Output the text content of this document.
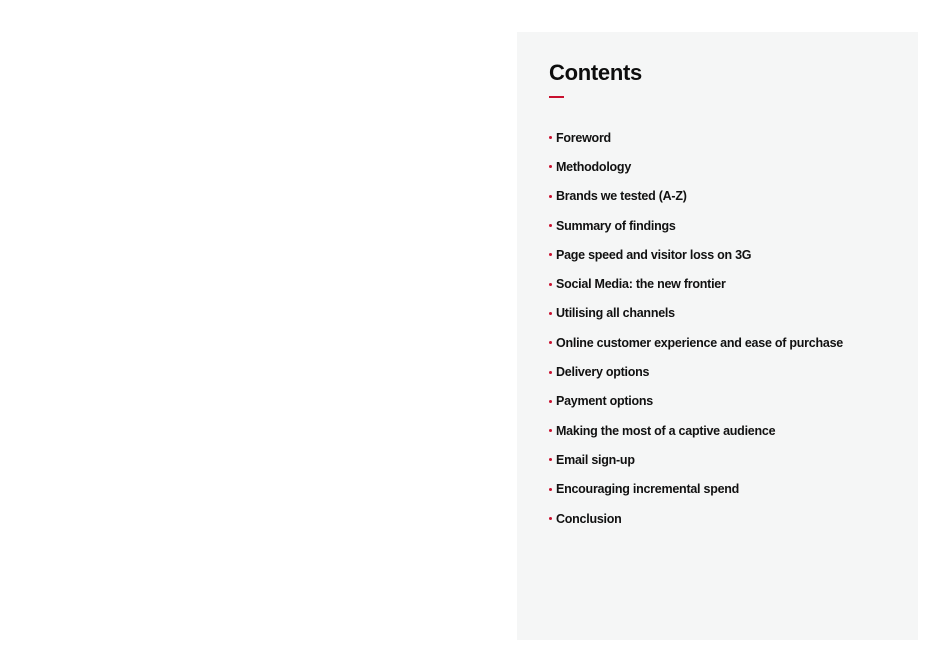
Contents
Foreword
Methodology
Brands we tested (A-Z)
Summary of findings
Page speed and visitor loss on 3G
Social Media: the new frontier
Utilising all channels
Online customer experience and ease of purchase
Delivery options
Payment options
Making the most of a captive audience
Email sign-up
Encouraging incremental spend
Conclusion
